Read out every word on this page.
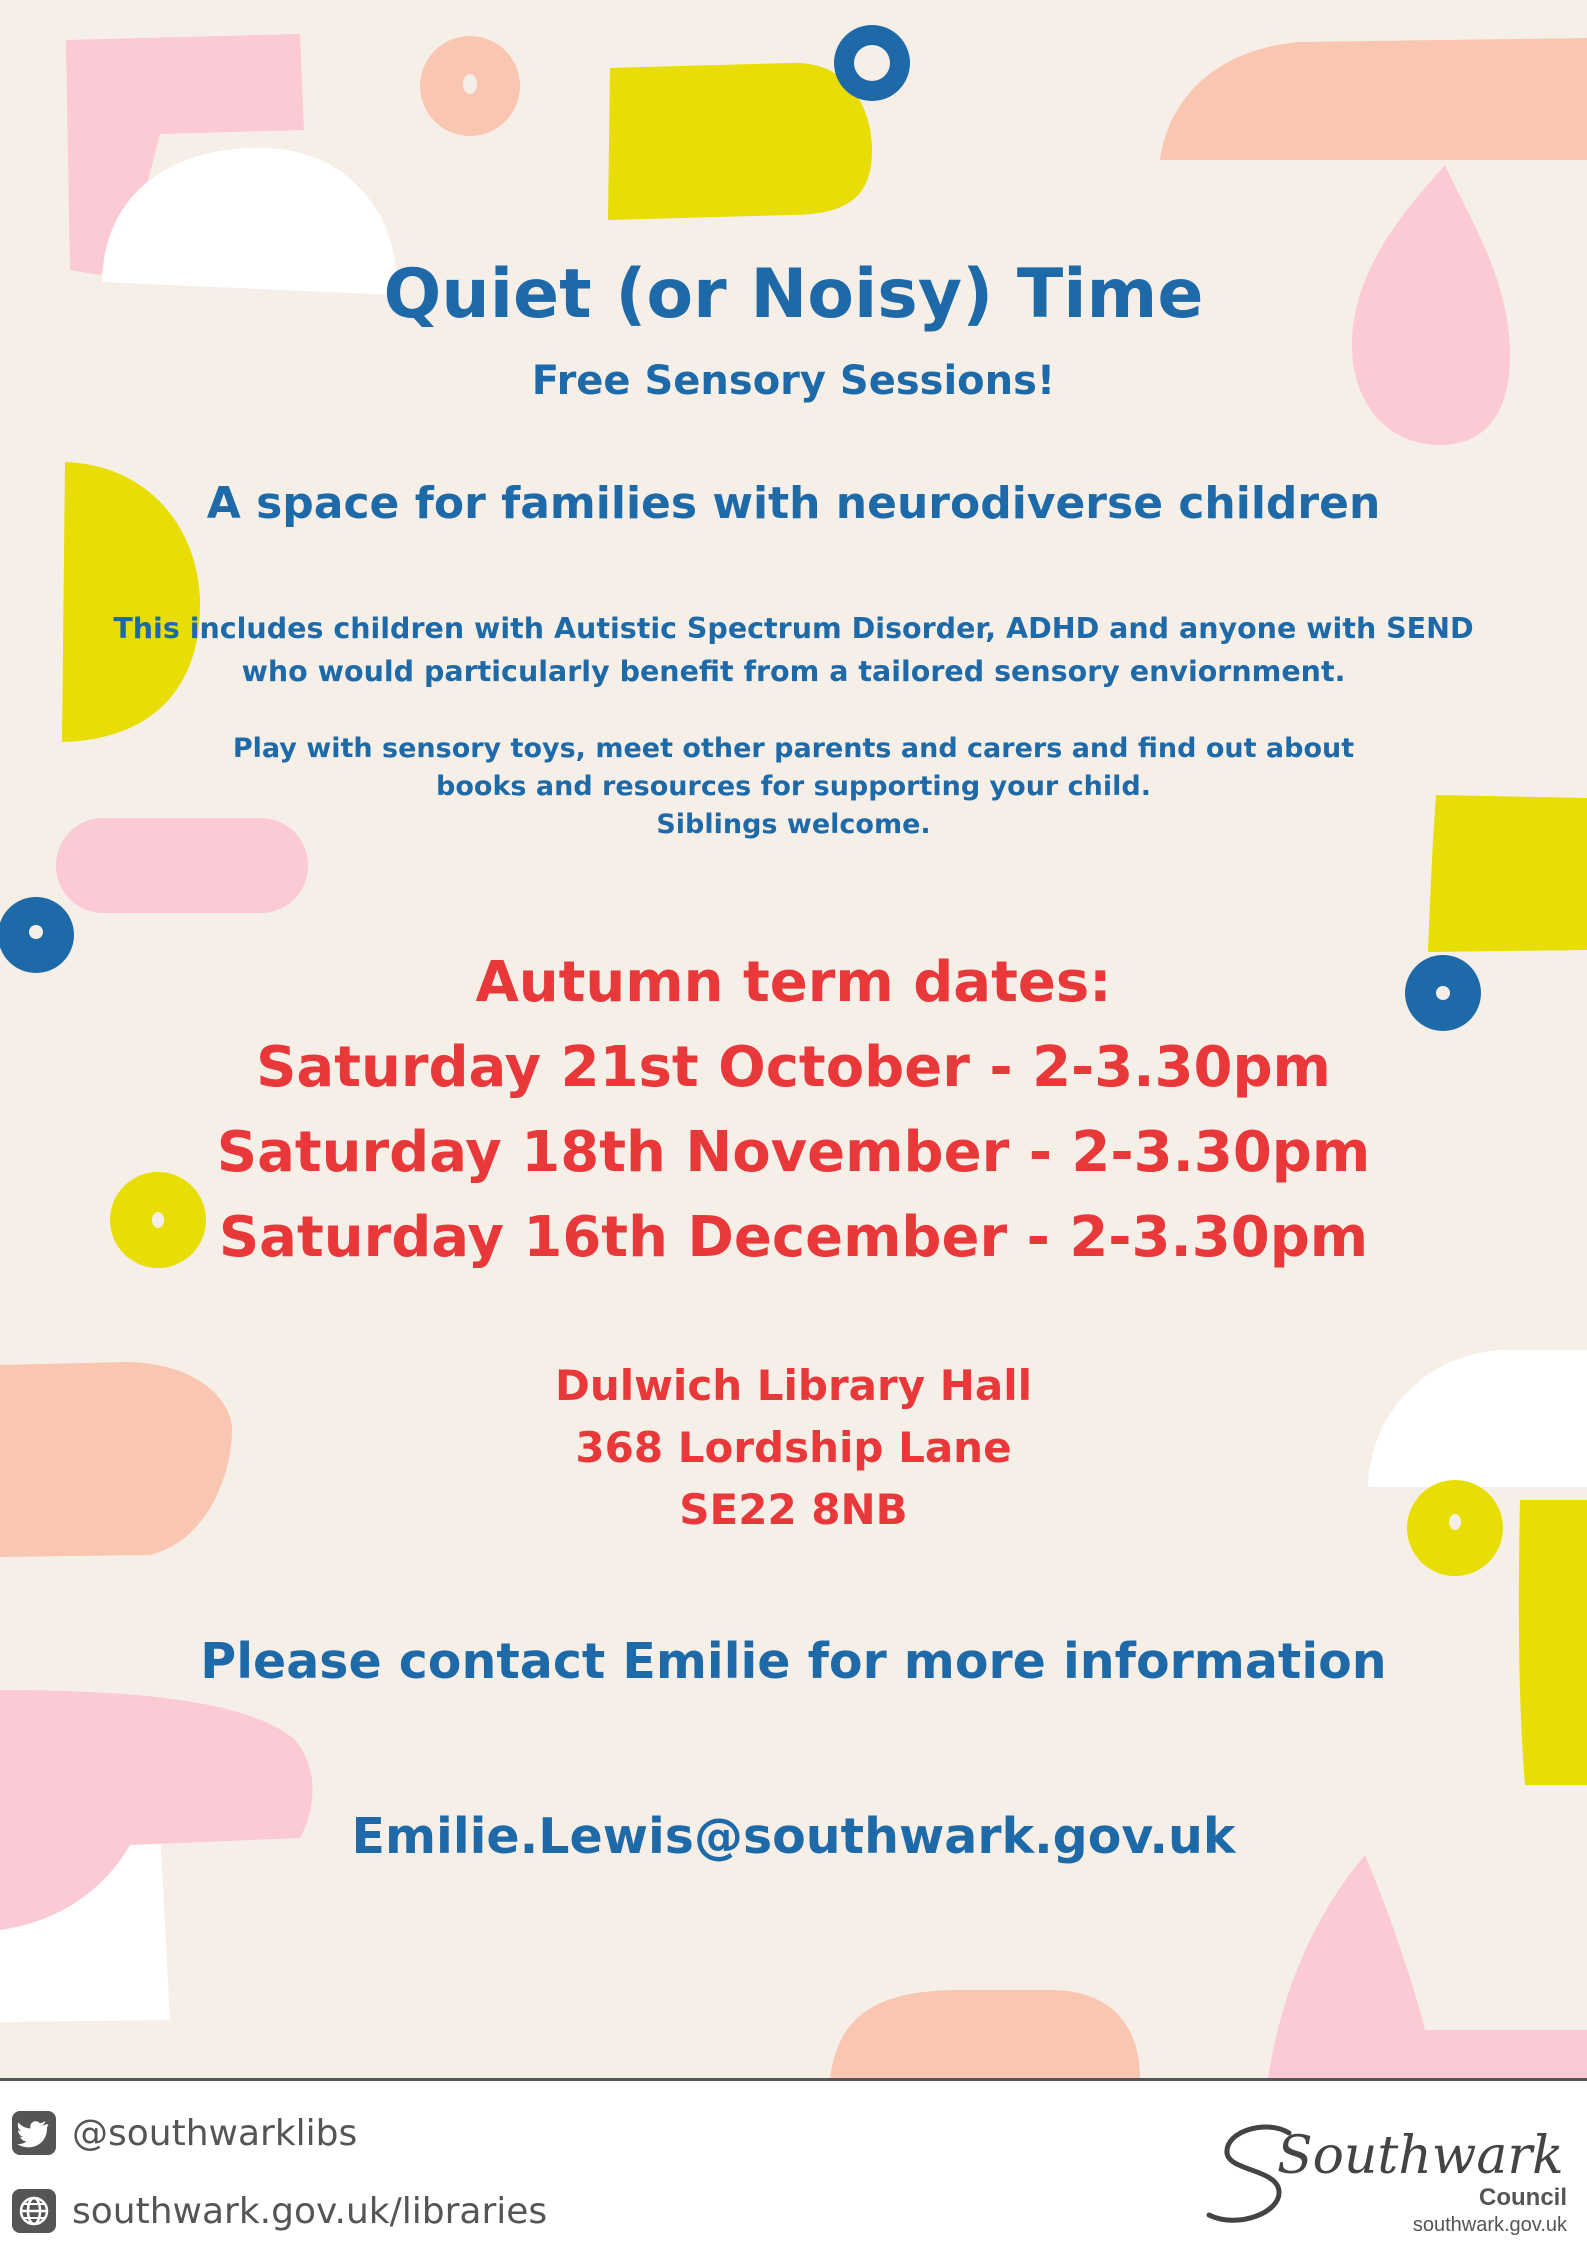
Quiet (or Noisy) Time

Free Sensory Sessions!

A space for families with neurodiverse children

This includes children with Autistic Spectrum Disorder, ADHD and anyone with SEND
who would particularly benefit from a tailored sensory enviornment.
Play with sensory toys, meet other parents and carers and find out about
books and resources for supporting your child.
Siblings welcome.
Autumn term dates:
Saturday 21st October - 2-3.30pm
Saturday 18th November - 2-3.30pm
Saturday 16th December - 2-3.30pm
Dulwich Library Hall
368 Lordship Lane
SE22 8NB

Please contact Emilie for more information

Emilie.Lewis@southwark.gov.uk

@southwarklibs
southwark.gov.uk/libraries
Southwark
Council
southwark.gov.uk
